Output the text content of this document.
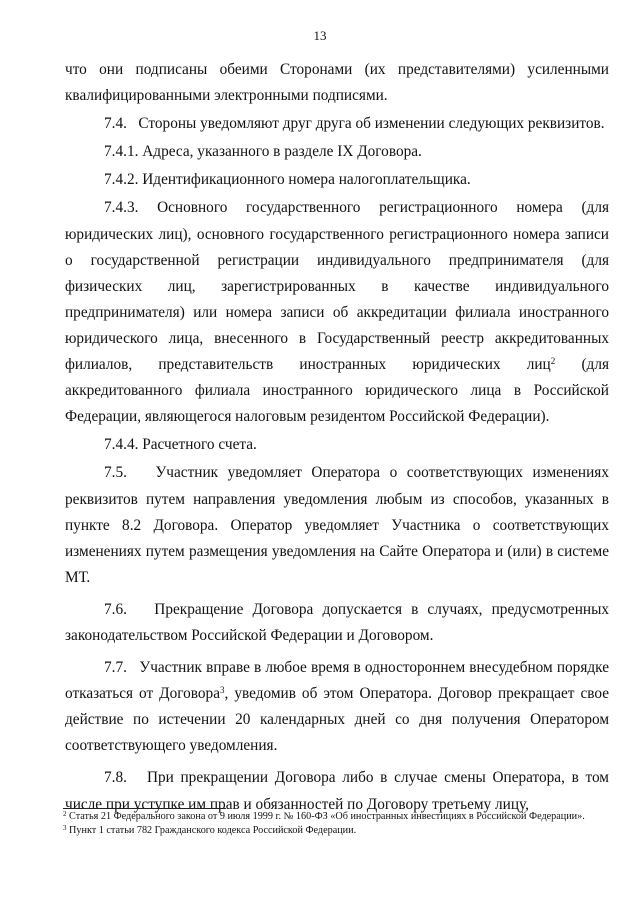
13

что они подписаны обеими Сторонами (их представителями) усиленными квалифицированными электронными подписями.

7.4.   Стороны уведомляют друг друга об изменении следующих реквизитов.

7.4.1. Адреса, указанного в разделе IX Договора.

7.4.2. Идентификационного номера налогоплательщика.

7.4.3. Основного государственного регистрационного номера (для юридических лиц), основного государственного регистрационного номера записи о государственной регистрации индивидуального предпринимателя (для физических лиц, зарегистрированных в качестве индивидуального предпринимателя) или номера записи об аккредитации филиала иностранного юридического лица, внесенного в Государственный реестр аккредитованных филиалов, представительств иностранных юридических лиц$^2$ (для аккредитованного филиала иностранного юридического лица в Российской Федерации, являющегося налоговым резидентом Российской Федерации).

7.4.4. Расчетного счета.

7.5.   Участник уведомляет Оператора о соответствующих изменениях реквизитов путем направления уведомления любым из способов, указанных в пункте 8.2 Договора. Оператор уведомляет Участника о соответствующих изменениях путем размещения уведомления на Сайте Оператора и (или) в системе МТ.

7.6.   Прекращение Договора допускается в случаях, предусмотренных законодательством Российской Федерации и Договором.

7.7.   Участник вправе в любое время в одностороннем внесудебном порядке отказаться от Договора$^3$, уведомив об этом Оператора. Договор прекращает свое действие по истечении 20 календарных дней со дня получения Оператором соответствующего уведомления.

7.8.   При прекращении Договора либо в случае смены Оператора, в том числе при уступке им прав и обязанностей по Договору третьему лицу,

$^2$ Статья 21 Федерального закона от 9 июля 1999 г. № 160-ФЗ «Об иностранных инвестициях в Российской Федерации».
$^3$ Пункт 1 статьи 782 Гражданского кодекса Российской Федерации.
